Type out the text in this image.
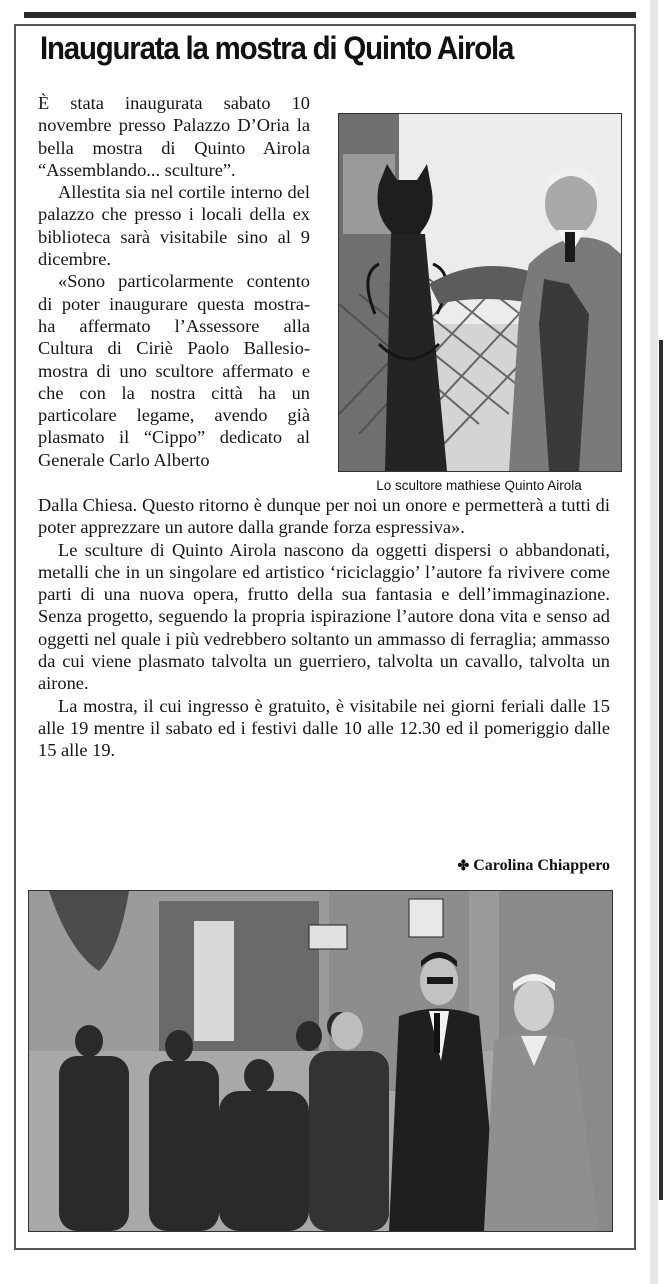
Inaugurata la mostra di Quinto Airola

È stata inaugurata sabato 10 novembre presso Palazzo D’Oria la bella mostra di Quinto Airola “Assemblando... sculture”.

Allestita sia nel cortile interno del palazzo che presso i locali della ex biblioteca sarà visitabile sino al 9 dicembre.

«Sono particolarmente contento di poter inaugurare questa mostra- ha affermato l’Assessore alla Cultura di Ciriè Paolo Ballesio- mostra di uno scultore affermato e che con la nostra città ha un particolare legame, avendo già plasmato il “Cippo” dedicato al Generale Carlo Alberto

Lo scultore mathiese Quinto Airola

Dalla Chiesa. Questo ritorno è dunque per noi un onore e permetterà a tutti di poter apprezzare un autore dalla grande forza espressiva».

Le sculture di Quinto Airola nascono da oggetti dispersi o abbandonati, metalli che in un singolare ed artistico ‘riciclaggio’ l’autore fa rivivere come parti di una nuova opera, frutto della sua fantasia e dell’immaginazione. Senza progetto, seguendo la propria ispirazione l’autore dona vita e senso ad oggetti nel quale i più vedrebbero soltanto un ammasso di ferraglia; ammasso da cui viene plasmato talvolta un guerriero, talvolta un cavallo, talvolta un airone.

La mostra, il cui ingresso è gratuito, è visitabile nei giorni feriali dalle 15 alle 19 mentre il sabato ed i festivi dalle 10 alle 12.30 ed il pomeriggio dalle 15 alle 19.

✤ Carolina Chiappero
